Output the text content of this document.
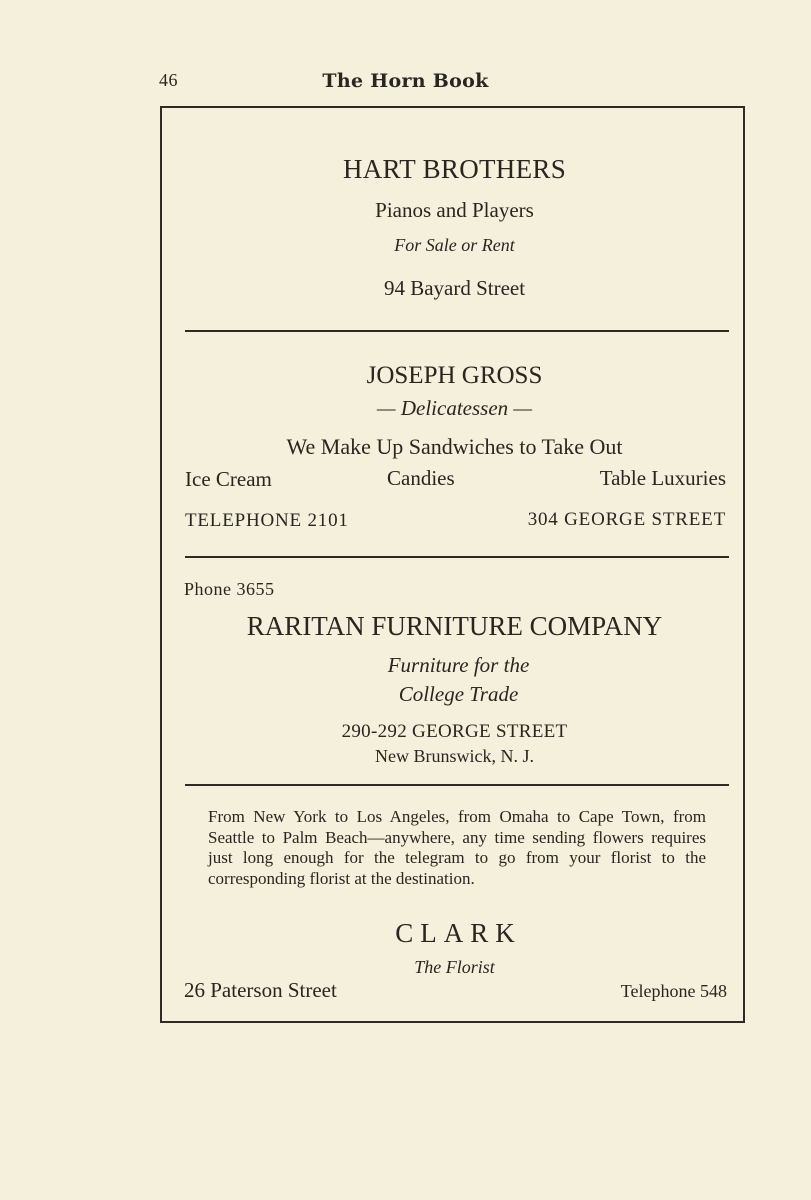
46	The Horn Book
HART BROTHERS
Pianos and Players
For Sale or Rent
94 Bayard Street
JOSEPH GROSS
— Delicatessen —
We Make Up Sandwiches to Take Out
Ice Cream	Candies	Table Luxuries
TELEPHONE 2101	304 GEORGE STREET
Phone 3655
RARITAN FURNITURE COMPANY
Furniture for the
College Trade
290-292 GEORGE STREET
New Brunswick, N. J.
From New York to Los Angeles, from Omaha to Cape Town, from Seattle to Palm Beach—anywhere, any time sending flowers requires just long enough for the telegram to go from your florist to the corresponding florist at the destination.
CLARK
The Florist
26 Paterson Street	Telephone 548
